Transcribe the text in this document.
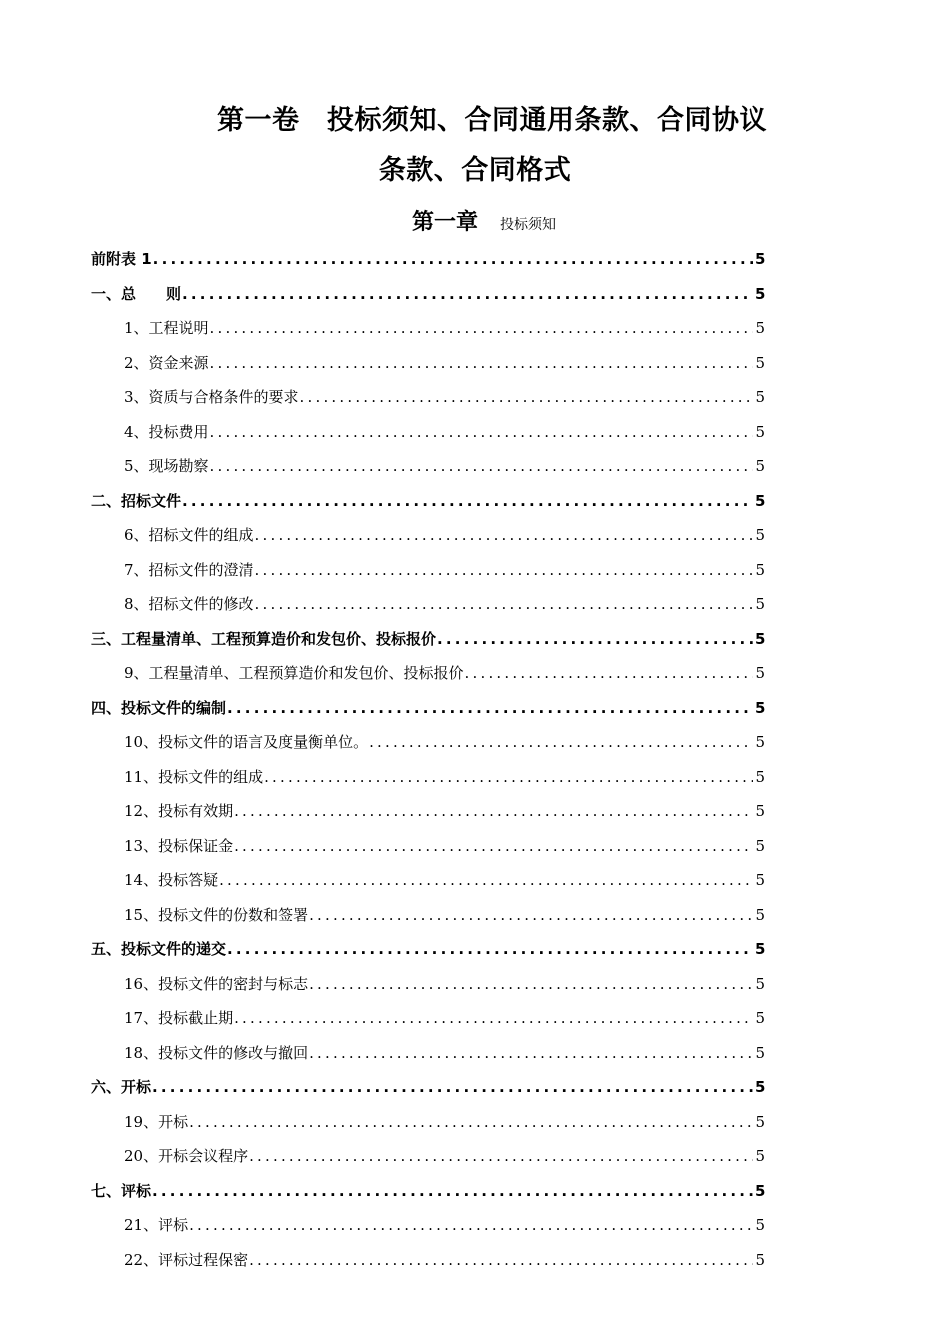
第一卷　投标须知、合同通用条款、合同协议
条款、合同格式
第一章 投标须知
前附表 1 .....	5
一、总　　则 .....	5
1、工程说明 .....	5
2、资金来源 .....	5
3、资质与合格条件的要求 .....	5
4、投标费用 .....	5
5、现场勘察 .....	5
二、招标文件 .....	5
6、招标文件的组成 .....	5
7、招标文件的澄清 .....	5
8、招标文件的修改 .....	5
三、工程量清单、工程预算造价和发包价、投标报价 .....	5
9、工程量清单、工程预算造价和发包价、投标报价 .....	5
四、投标文件的编制 .....	5
10、投标文件的语言及度量衡单位。 .....	5
11、投标文件的组成 .....	5
12、投标有效期 .....	5
13、投标保证金 .....	5
14、投标答疑 .....	5
15、投标文件的份数和签署 .....	5
五、投标文件的递交 .....	5
16、投标文件的密封与标志 .....	5
17、投标截止期 .....	5
18、投标文件的修改与撤回 .....	5
六、开标 .....	5
19、开标 .....	5
20、开标会议程序 .....	5
七、评标 .....	5
21、评标 .....	5
22、评标过程保密 .....	5
